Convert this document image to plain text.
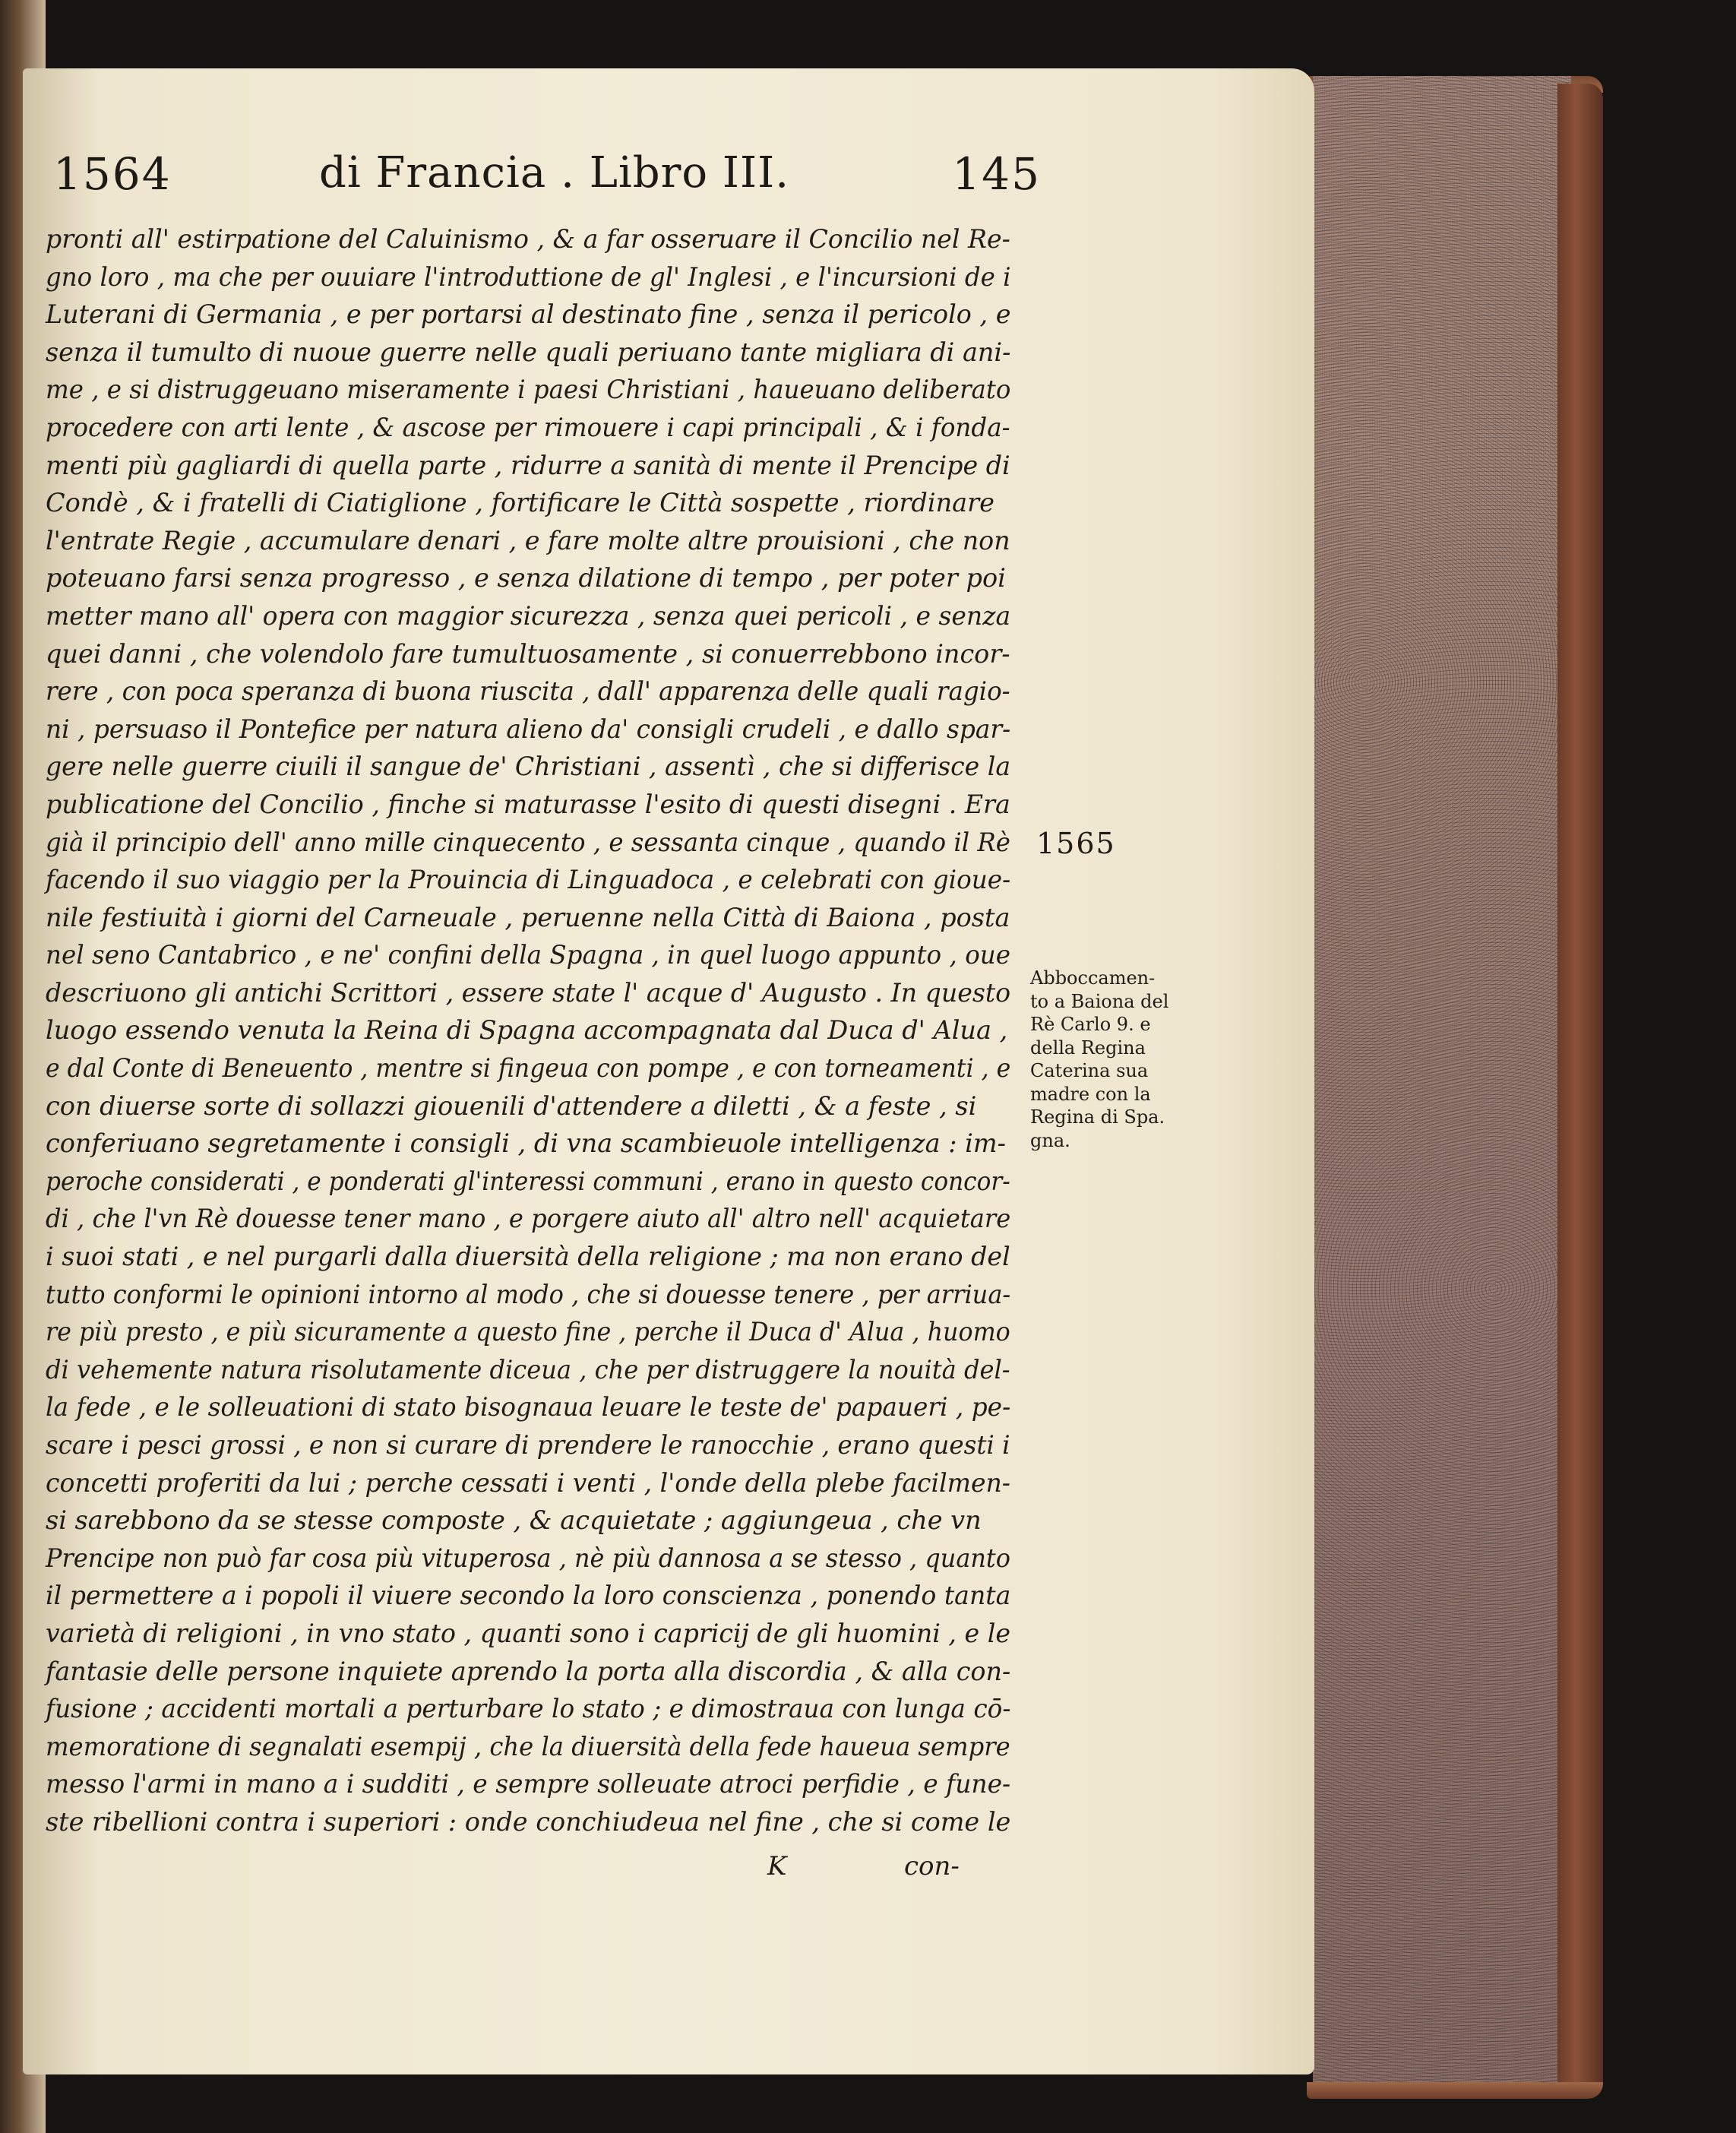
1564	di Francia . Libro III.	145
pronti all' estirpatione del Caluinismo , & a far osseruare il Concilio nel Re-
gno loro , ma che per ouuiare l'introduttione de gl' Inglesi , e l'incursioni de i
Luterani di Germania , e per portarsi al destinato fine , senza il pericolo , e
senza il tumulto di nuoue guerre nelle quali periuano tante migliara di ani-
me , e si distruggeuano miseramente i paesi Christiani , haueuano deliberato
procedere con arti lente , & ascose per rimouere i capi principali , & i fonda-
menti più gagliardi di quella parte , ridurre a sanità di mente il Prencipe di
Condè , & i fratelli di Ciatiglione , fortificare le Città sospette , riordinare
l'entrate Regie , accumulare denari , e fare molte altre prouisioni , che non
poteuano farsi senza progresso , e senza dilatione di tempo , per poter poi
metter mano all' opera con maggior sicurezza , senza quei pericoli , e senza
quei danni , che volendolo fare tumultuosamente , si conuerrebbono incor-
rere , con poca speranza di buona riuscita , dall' apparenza delle quali ragio-
ni , persuaso il Pontefice per natura alieno da' consigli crudeli , e dallo spar-
gere nelle guerre ciuili il sangue de' Christiani , assentì , che si differisce la
publicatione del Concilio , finche si maturasse l'esito di questi disegni . Era
già il principio dell' anno mille cinquecento , e sessanta cinque , quando il Rè
facendo il suo viaggio per la Prouincia di Linguadoca , e celebrati con gioue-
nile festiuità i giorni del Carneuale , peruenne nella Città di Baiona , posta
nel seno Cantabrico , e ne' confini della Spagna , in quel luogo appunto , oue
descriuono gli antichi Scrittori , essere state l' acque d' Augusto . In questo
luogo essendo venuta la Reina di Spagna accompagnata dal Duca d' Alua ,
e dal Conte di Beneuento , mentre si fingeua con pompe , e con torneamenti , e
con diuerse sorte di sollazzi giouenili d'attendere a diletti , & a feste , si
conferiuano segretamente i consigli , di vna scambieuole intelligenza : im-
peroche considerati , e ponderati gl'interessi communi , erano in questo concor-
di , che l'vn Rè douesse tener mano , e porgere aiuto all' altro nell' acquietare
i suoi stati , e nel purgarli dalla diuersità della religione ; ma non erano del
tutto conformi le opinioni intorno al modo , che si douesse tenere , per arriua-
re più presto , e più sicuramente a questo fine , perche il Duca d' Alua , huomo
di vehemente natura risolutamente diceua , che per distruggere la nouità del-
la fede , e le solleuationi di stato bisognaua leuare le teste de' papaueri , pe-
scare i pesci grossi , e non si curare di prendere le ranocchie , erano questi i
concetti proferiti da lui ; perche cessati i venti , l'onde della plebe facilmen-
si sarebbono da se stesse composte , & acquietate ; aggiungeua , che vn
Prencipe non può far cosa più vituperosa , nè più dannosa a se stesso , quanto
il permettere a i popoli il viuere secondo la loro conscienza , ponendo tanta
varietà di religioni , in vno stato , quanti sono i capricij de gli huomini , e le
fantasie delle persone inquiete aprendo la porta alla discordia , & alla con-
fusione ; accidenti mortali a perturbare lo stato ; e dimostraua con lunga cō-
memoratione di segnalati esempij , che la diuersità della fede haueua sempre
messo l'armi in mano a i sudditi , e sempre solleuate atroci perfidie , e fune-
ste ribellioni contra i superiori : onde conchiudeua nel fine , che si come le
1565
Abboccamen-
to a Baiona del
Rè Carlo 9. e
della Regina
Caterina sua
madre con la
Regina di Spa.
gna.
K	con-
